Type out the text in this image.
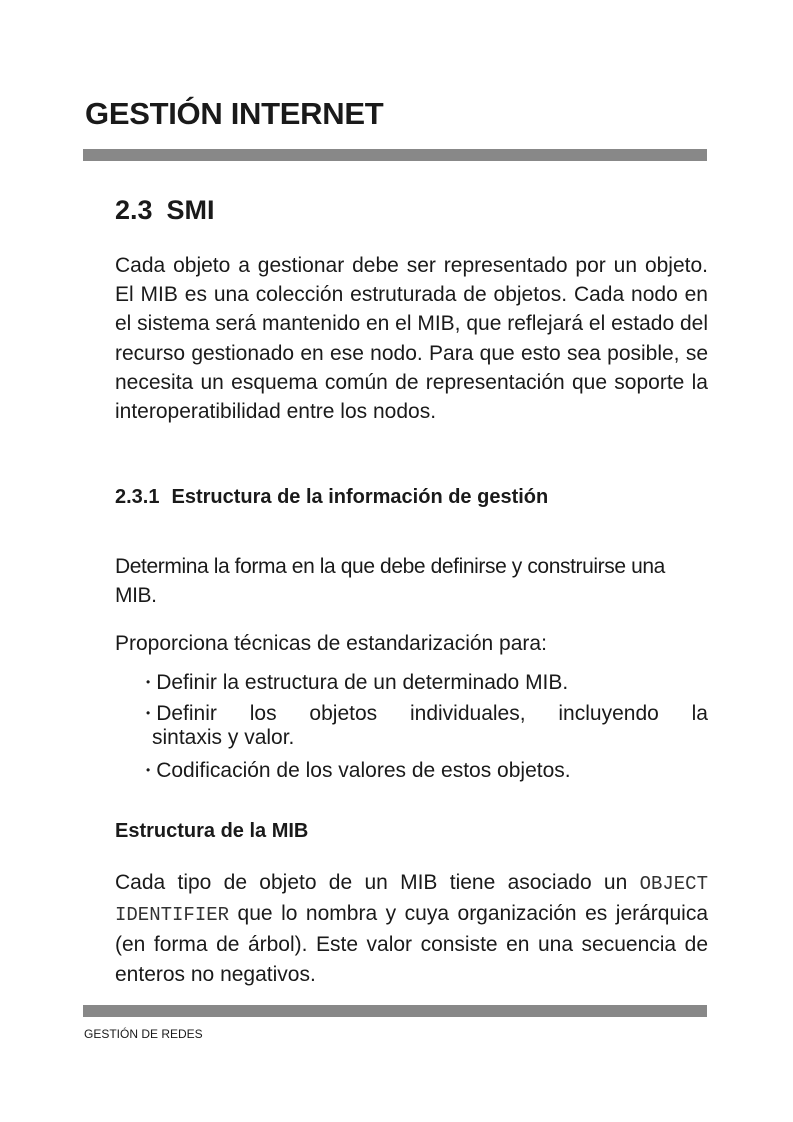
GESTIÓN INTERNET
2.3 SMI

Cada objeto a gestionar debe ser representado por un objeto. El MIB es una colección estruturada de objetos. Cada nodo en el sistema será mantenido en el MIB, que reflejará el estado del recurso gestionado en ese nodo. Para que esto sea posible, se necesita un esquema común de representación que soporte la interoperatibilidad entre los nodos.

2.3.1 Estructura de la información de gestión

Determina la forma en la que debe definirse y construirse una MIB.

Proporciona técnicas de estandarización para:

• Definir la estructura de un determinado MIB.
• Definir los objetos individuales, incluyendo la
sintaxis y valor.
• Codificación de los valores de estos objetos.
Estructura de la MIB

Cada tipo de objeto de un MIB tiene asociado un OBJECT IDENTIFIER que lo nombra y cuya organización es jerárquica (en forma de árbol). Este valor consiste en una secuencia de enteros no negativos.

GESTIÓN DE REDES
